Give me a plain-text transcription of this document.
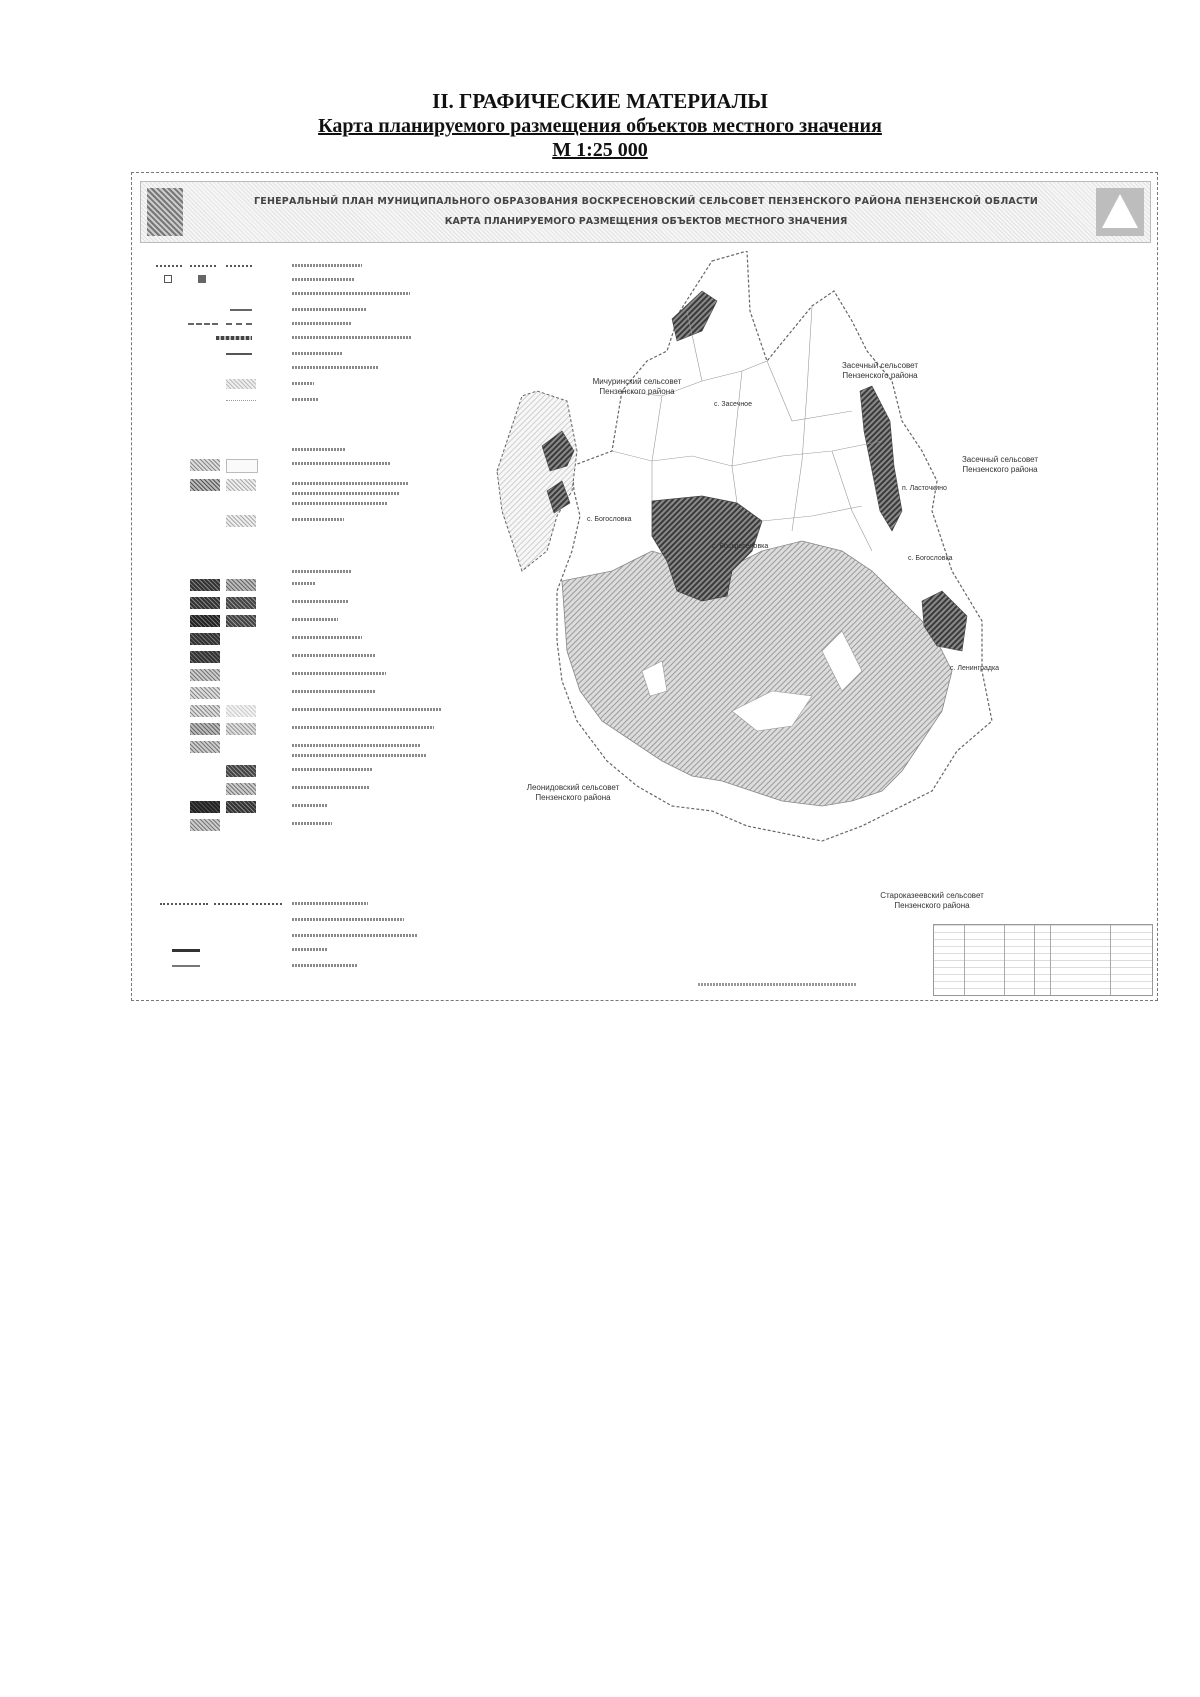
II. ГРАФИЧЕСКИЕ МАТЕРИАЛЫ
Карта планируемого размещения объектов местного значения
М 1:25 000
ГЕНЕРАЛЬНЫЙ ПЛАН МУНИЦИПАЛЬНОГО ОБРАЗОВАНИЯ ВОСКРЕСЕНОВСКИЙ СЕЛЬСОВЕТ ПЕНЗЕНСКОГО РАЙОНА ПЕНЗЕНСКОЙ ОБЛАСТИ
КАРТА ПЛАНИРУЕМОГО РАЗМЕЩЕНИЯ ОБЪЕКТОВ МЕСТНОГО ЗНАЧЕНИЯ
Мичуринский сельсовет
Пензенского района
Засечный сельсовет
Пензенского района
Засечный сельсовет
Пензенского района
Леонидовский сельсовет
Пензенского района
Староказеевский сельсовет
Пензенского района
с. Воскресеновка
с. Богословка
с. Засечное
п. Ласточкино
с. Богословка
с. Ленинградка
